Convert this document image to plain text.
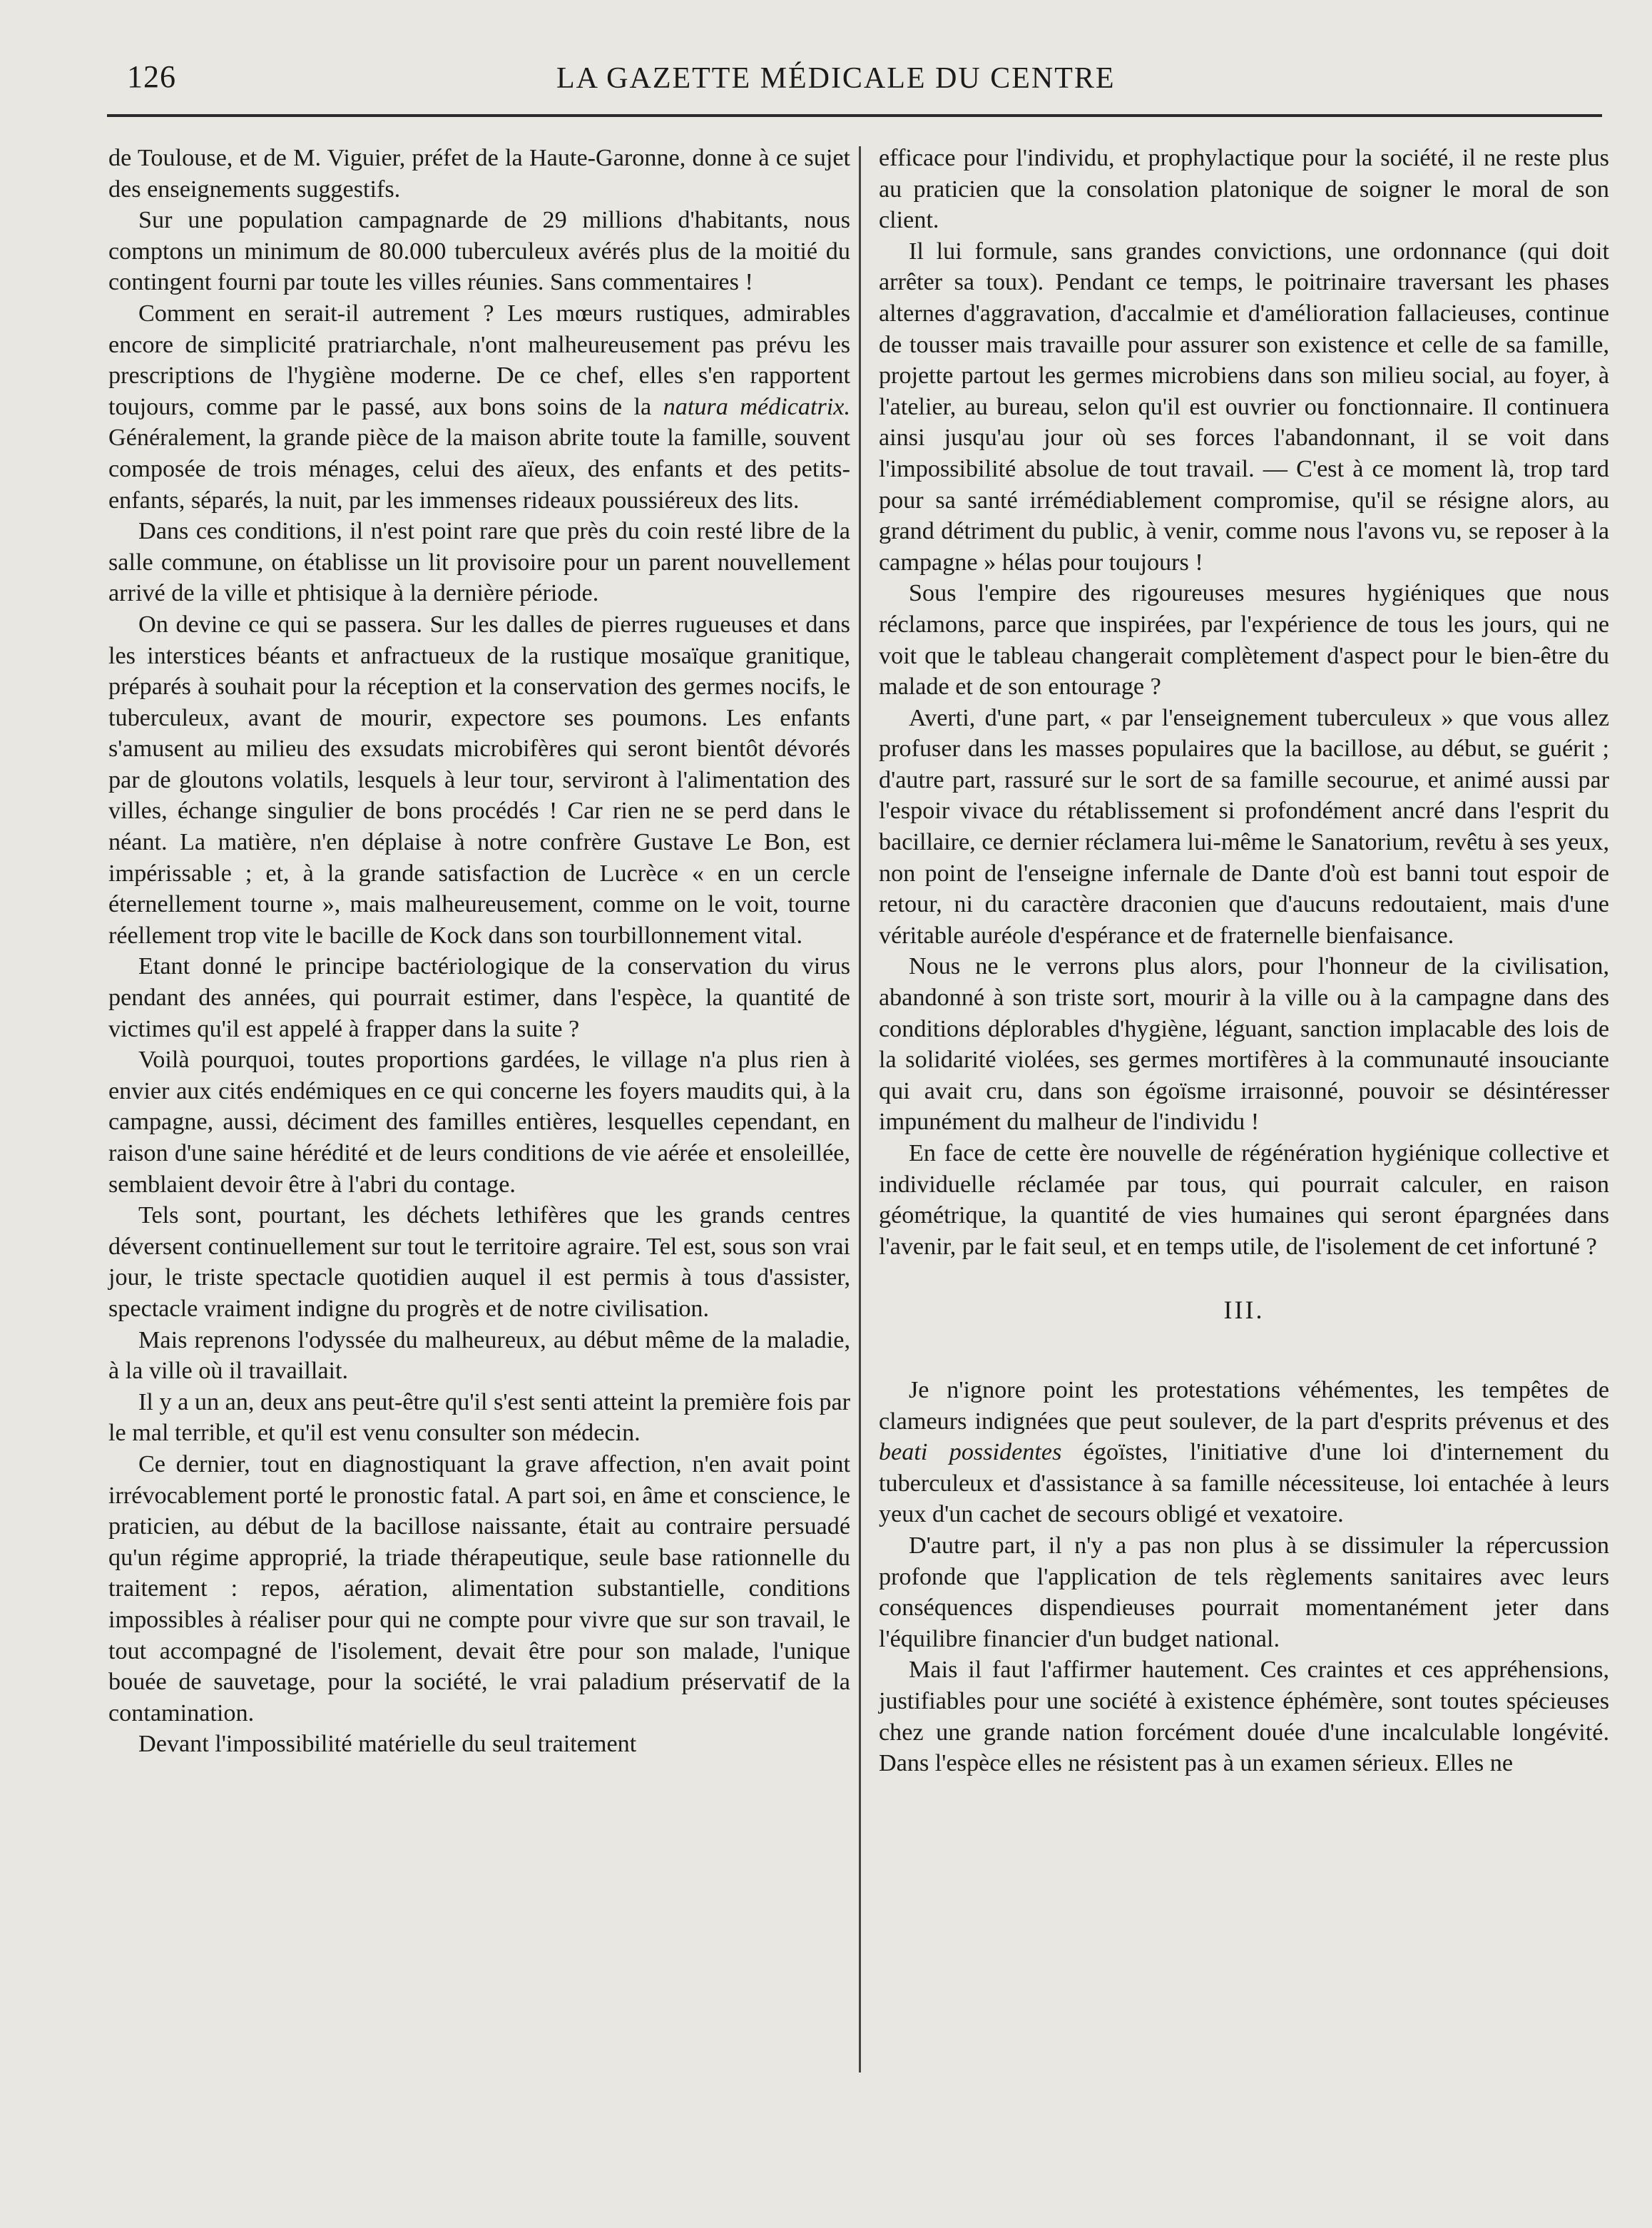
126	LA GAZETTE MÉDICALE DU CENTRE

de Toulouse, et de M. Viguier, préfet de la Haute-Garonne, donne à ce sujet des enseignements suggestifs.

Sur une population campagnarde de 29 millions d'habitants, nous comptons un minimum de 80.000 tuberculeux avérés plus de la moitié du contingent fourni par toute les villes réunies. Sans commentaires !

Comment en serait-il autrement ? Les mœurs rustiques, admirables encore de simplicité pratriarchale, n'ont malheureusement pas prévu les prescriptions de l'hygiène moderne. De ce chef, elles s'en rapportent toujours, comme par le passé, aux bons soins de la natura médicatrix. Généralement, la grande pièce de la maison abrite toute la famille, souvent composée de trois ménages, celui des aïeux, des enfants et des petits-enfants, séparés, la nuit, par les immenses rideaux poussiéreux des lits.

Dans ces conditions, il n'est point rare que près du coin resté libre de la salle commune, on établisse un lit provisoire pour un parent nouvellement arrivé de la ville et phtisique à la dernière période.

On devine ce qui se passera. Sur les dalles de pierres rugueuses et dans les interstices béants et anfractueux de la rustique mosaïque granitique, préparés à souhait pour la réception et la conservation des germes nocifs, le tuberculeux, avant de mourir, expectore ses poumons. Les enfants s'amusent au milieu des exsudats microbifères qui seront bientôt dévorés par de gloutons volatils, lesquels à leur tour, serviront à l'alimentation des villes, échange singulier de bons procédés ! Car rien ne se perd dans le néant. La matière, n'en déplaise à notre confrère Gustave Le Bon, est impérissable ; et, à la grande satisfaction de Lucrèce « en un cercle éternellement tourne », mais malheureusement, comme on le voit, tourne réellement trop vite le bacille de Kock dans son tourbillonnement vital.

Etant donné le principe bactériologique de la conservation du virus pendant des années, qui pourrait estimer, dans l'espèce, la quantité de victimes qu'il est appelé à frapper dans la suite ?

Voilà pourquoi, toutes proportions gardées, le village n'a plus rien à envier aux cités endémiques en ce qui concerne les foyers maudits qui, à la campagne, aussi, déciment des familles entières, lesquelles cependant, en raison d'une saine hérédité et de leurs conditions de vie aérée et ensoleillée, semblaient devoir être à l'abri du contage.

Tels sont, pourtant, les déchets lethifères que les grands centres déversent continuellement sur tout le territoire agraire. Tel est, sous son vrai jour, le triste spectacle quotidien auquel il est permis à tous d'assister, spectacle vraiment indigne du progrès et de notre civilisation.

Mais reprenons l'odyssée du malheureux, au début même de la maladie, à la ville où il travaillait.

Il y a un an, deux ans peut-être qu'il s'est senti atteint la première fois par le mal terrible, et qu'il est venu consulter son médecin.

Ce dernier, tout en diagnostiquant la grave affection, n'en avait point irrévocablement porté le pronostic fatal. A part soi, en âme et conscience, le praticien, au début de la bacillose naissante, était au contraire persuadé qu'un régime approprié, la triade thérapeutique, seule base rationnelle du traitement : repos, aération, alimentation substantielle, conditions impossibles à réaliser pour qui ne compte pour vivre que sur son travail, le tout accompagné de l'isolement, devait être pour son malade, l'unique bouée de sauvetage, pour la société, le vrai paladium préservatif de la contamination.

Devant l'impossibilité matérielle du seul traitement

efficace pour l'individu, et prophylactique pour la société, il ne reste plus au praticien que la consolation platonique de soigner le moral de son client.

Il lui formule, sans grandes convictions, une ordonnance (qui doit arrêter sa toux). Pendant ce temps, le poitrinaire traversant les phases alternes d'aggravation, d'accalmie et d'amélioration fallacieuses, continue de tousser mais travaille pour assurer son existence et celle de sa famille, projette partout les germes microbiens dans son milieu social, au foyer, à l'atelier, au bureau, selon qu'il est ouvrier ou fonctionnaire. Il continuera ainsi jusqu'au jour où ses forces l'abandonnant, il se voit dans l'impossibilité absolue de tout travail. — C'est à ce moment là, trop tard pour sa santé irrémédiablement compromise, qu'il se résigne alors, au grand détriment du public, à venir, comme nous l'avons vu, se reposer à la campagne » hélas pour toujours !

Sous l'empire des rigoureuses mesures hygiéniques que nous réclamons, parce que inspirées, par l'expérience de tous les jours, qui ne voit que le tableau changerait complètement d'aspect pour le bien-être du malade et de son entourage ?

Averti, d'une part, « par l'enseignement tuberculeux » que vous allez profuser dans les masses populaires que la bacillose, au début, se guérit ; d'autre part, rassuré sur le sort de sa famille secourue, et animé aussi par l'espoir vivace du rétablissement si profondément ancré dans l'esprit du bacillaire, ce dernier réclamera lui-même le Sanatorium, revêtu à ses yeux, non point de l'enseigne infernale de Dante d'où est banni tout espoir de retour, ni du caractère draconien que d'aucuns redoutaient, mais d'une véritable auréole d'espérance et de fraternelle bienfaisance.

Nous ne le verrons plus alors, pour l'honneur de la civilisation, abandonné à son triste sort, mourir à la ville ou à la campagne dans des conditions déplorables d'hygiène, léguant, sanction implacable des lois de la solidarité violées, ses germes mortifères à la communauté insouciante qui avait cru, dans son égoïsme irraisonné, pouvoir se désintéresser impunément du malheur de l'individu !

En face de cette ère nouvelle de régénération hygiénique collective et individuelle réclamée par tous, qui pourrait calculer, en raison géométrique, la quantité de vies humaines qui seront épargnées dans l'avenir, par le fait seul, et en temps utile, de l'isolement de cet infortuné ?

III.

Je n'ignore point les protestations véhémentes, les tempêtes de clameurs indignées que peut soulever, de la part d'esprits prévenus et des beati possidentes égoïstes, l'initiative d'une loi d'internement du tuberculeux et d'assistance à sa famille nécessiteuse, loi entachée à leurs yeux d'un cachet de secours obligé et vexatoire.

D'autre part, il n'y a pas non plus à se dissimuler la répercussion profonde que l'application de tels règlements sanitaires avec leurs conséquences dispendieuses pourrait momentanément jeter dans l'équilibre financier d'un budget national.

Mais il faut l'affirmer hautement. Ces craintes et ces appréhensions, justifiables pour une société à existence éphémère, sont toutes spécieuses chez une grande nation forcément douée d'une incalculable longévité. Dans l'espèce elles ne résistent pas à un examen sérieux. Elles ne
